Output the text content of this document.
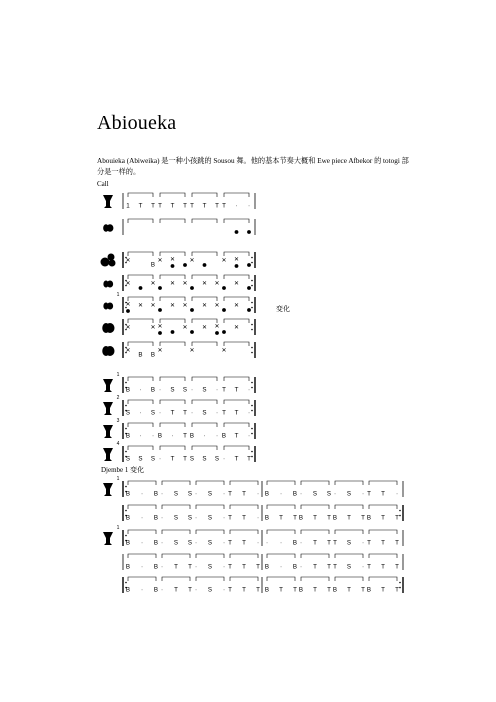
Abioueka
Abouieka (Abiweika) 是一种小孩跳的 Sousou 舞。他的基本节奏大概和 Ewe piece Afbekor 的 totogi 部分是一样的。
Call
变化
Djembe 1 变化
1 T T T T T T T T T · ·
✕
B
✕ ✕ ✕	✕ ✕
✕	✕ ✕ ✕ ✕ ✕ ✕
1
✕ ✕ ✕ ✕ ✕ ✕ ✕ ✕
✕	✕ ✕	✕ ✕ ✕ ✕
✕
B B
✕	✕	✕
1
B · B · S S · S · T T ·
2
S · S · T T · S · T T ·
3
B · · B · T B · · B T ·
4
S S S · T T S S S · T T
1
B · B · S S · S · T T · B · B · S S · S · T T ·
B · B · S S · S · T T · B T T B T T B T T B T T
1
B · B · S S · S · T T · · · B · T T T S · T T T
B · B · T T · S · T T T B · B · T T T S · T T T
B · B · T T · S · T T T B T T B T T B T T B T T
